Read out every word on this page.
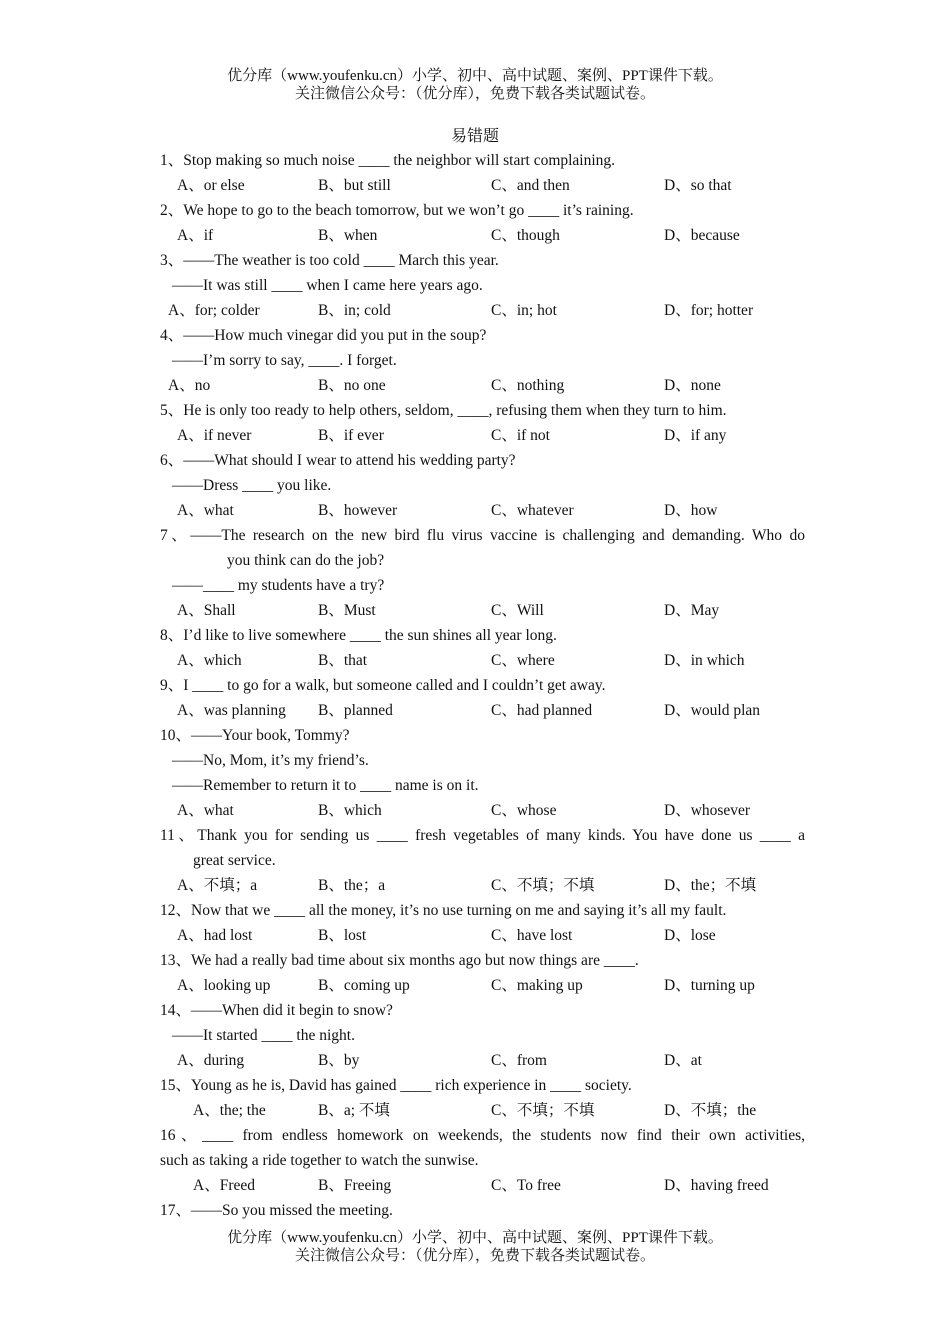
优分库（www.youfenku.cn）小学、初中、高中试题、案例、PPT课件下载。
关注微信公众号：（优分库），免费下载各类试题试卷。
易错题
1、Stop making so much noise ____ the neighbor will start complaining.
A、or else	B、but still	C、and then	D、so that
2、We hope to go to the beach tomorrow, but we won’t go ____ it’s raining.
A、if	B、when	C、though	D、because
3、——The weather is too cold ____ March this year.
——It was still ____ when I came here years ago.
A、for; colder	B、in; cold	C、in; hot	D、for; hotter
4、——How much vinegar did you put in the soup?
——I’m sorry to say, ____. I forget.
A、no	B、no one	C、nothing	D、none
5、He is only too ready to help others, seldom, ____, refusing them when they turn to him.
A、if never	B、if ever	C、if not	D、if any
6、——What should I wear to attend his wedding party?
——Dress ____ you like.
A、what	B、however	C、whatever	D、how
7、——The research on the new bird flu virus vaccine is challenging and demanding. Who do
you think can do the job?
——____ my students have a try?
A、Shall	B、Must	C、Will	D、May
8、I’d like to live somewhere ____ the sun shines all year long.
A、which	B、that	C、where	D、in which
9、I ____ to go for a walk, but someone called and I couldn’t get away.
A、was planning B、planned	C、had planned	D、would plan
10、——Your book, Tommy?
——No, Mom, it’s my friend’s.
——Remember to return it to ____ name is on it.
A、what	B、which	C、whose	D、whosever
11、Thank you for sending us ____ fresh vegetables of many kinds. You have done us ____ a
great service.
A、不填；a	B、the；a	C、不填；不填	D、the；不填
12、Now that we ____ all the money, it’s no use turning on me and saying it’s all my fault.
A、had lost	B、lost	C、have lost	D、lose
13、We had a really bad time about six months ago but now things are ____.
A、looking up	B、coming up	C、making up	D、turning up
14、——When did it begin to snow?
——It started ____ the night.
A、during	B、by	C、from	D、at
15、Young as he is, David has gained ____ rich experience in ____ society.
A、the; the	B、a; 不填	C、不填；不填	D、不填；the
16、____ from endless homework on weekends, the students now find their own activities,
such as taking a ride together to watch the sunwise.
A、Freed	B、Freeing	C、To free	D、having freed
17、——So you missed the meeting.
优分库（www.youfenku.cn）小学、初中、高中试题、案例、PPT课件下载。
关注微信公众号：（优分库），免费下载各类试题试卷。
